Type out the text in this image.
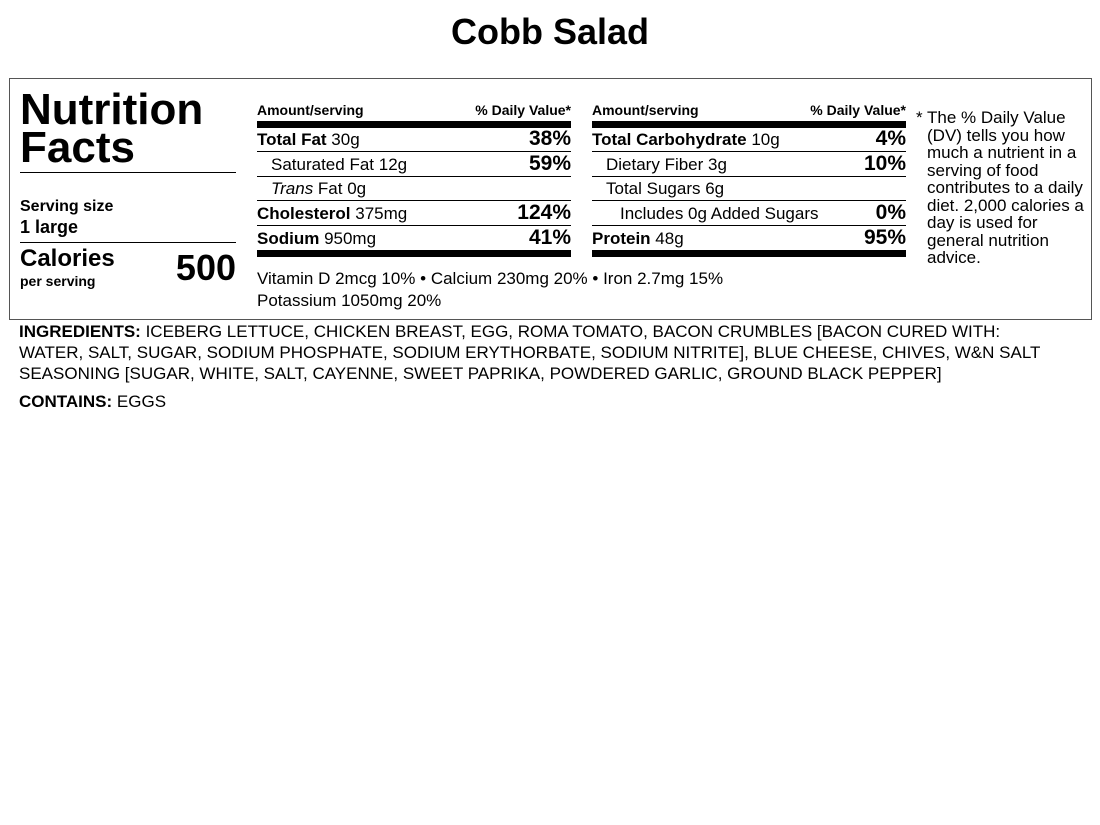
Cobb Salad
Nutrition Facts
Serving size
1 large
Calories
per serving	500
Amount/serving	% Daily Value*
Total Fat 30g	38%
Saturated Fat 12g	59%
Trans Fat 0g
Cholesterol 375mg	124%
Sodium 950mg	41%
Amount/serving	% Daily Value*
Total Carbohydrate 10g	4%
Dietary Fiber 3g	10%
Total Sugars 6g
Includes 0g Added Sugars	0%
Protein 48g	95%
Vitamin D 2mcg 10% • Calcium 230mg 20% • Iron 2.7mg 15%
Potassium 1050mg 20%
* The % Daily Value (DV) tells you how much a nutrient in a serving of food contributes to a daily diet. 2,000 calories a day is used for general nutrition advice.
INGREDIENTS: ICEBERG LETTUCE, CHICKEN BREAST, EGG, ROMA TOMATO, BACON CRUMBLES [BACON CURED WITH: WATER, SALT, SUGAR, SODIUM PHOSPHATE, SODIUM ERYTHORBATE, SODIUM NITRITE], BLUE CHEESE, CHIVES, W&N SALT SEASONING [SUGAR, WHITE, SALT, CAYENNE, SWEET PAPRIKA, POWDERED GARLIC, GROUND BLACK PEPPER]
CONTAINS: EGGS
